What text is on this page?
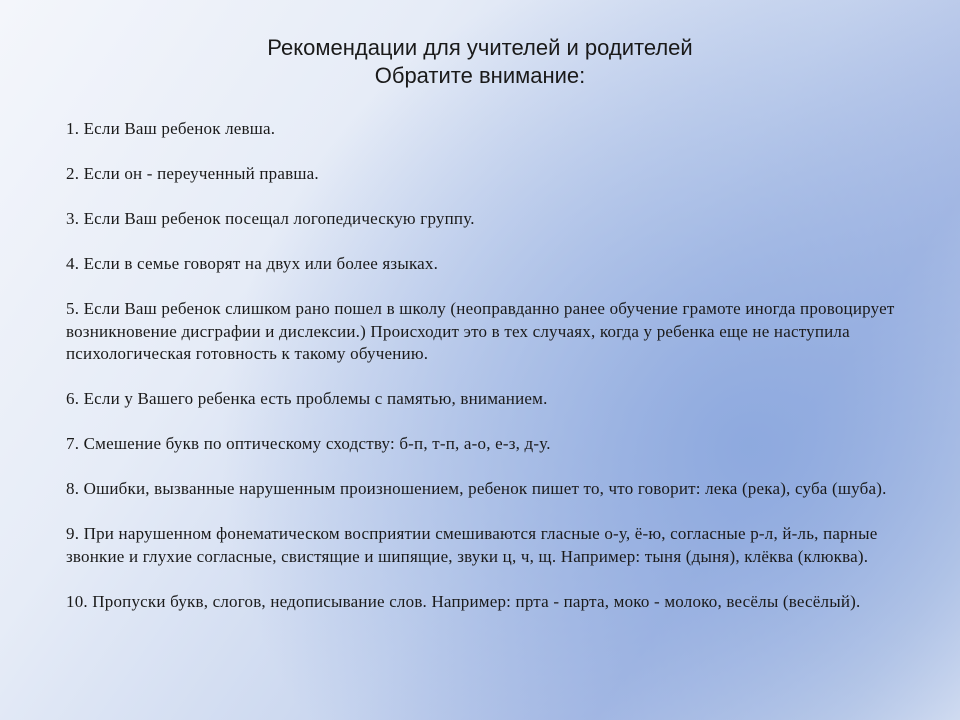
Рекомендации для учителей и родителей
Обратите внимание:
1. Если Ваш ребенок левша.
2. Если он - переученный правша.
3. Если Ваш ребенок посещал логопедическую группу.
4. Если в семье говорят на двух или более языках.
5. Если Ваш ребенок слишком рано пошел в школу (неоправданно ранее обучение грамоте иногда провоцирует возникновение дисграфии и дислексии.) Происходит это в тех случаях, когда у ребенка еще не наступила психологическая готовность к такому обучению.
6. Если у Вашего ребенка есть проблемы с памятью, вниманием.
7. Смешение букв по оптическому сходству: б-п, т-п, а-о, е-з, д-у.
8. Ошибки, вызванные нарушенным произношением, ребенок пишет то, что говорит: лека (река), суба (шуба).
9. При нарушенном фонематическом восприятии смешиваются гласные о-у, ё-ю, согласные р-л, й-ль, парные звонкие и глухие согласные, свистящие и шипящие, звуки ц, ч, щ. Например: тыня (дыня), клёква (клюква).
10. Пропуски букв, слогов, недописывание слов. Например: прта - парта, моко - молоко, весёлы (весёлый).
